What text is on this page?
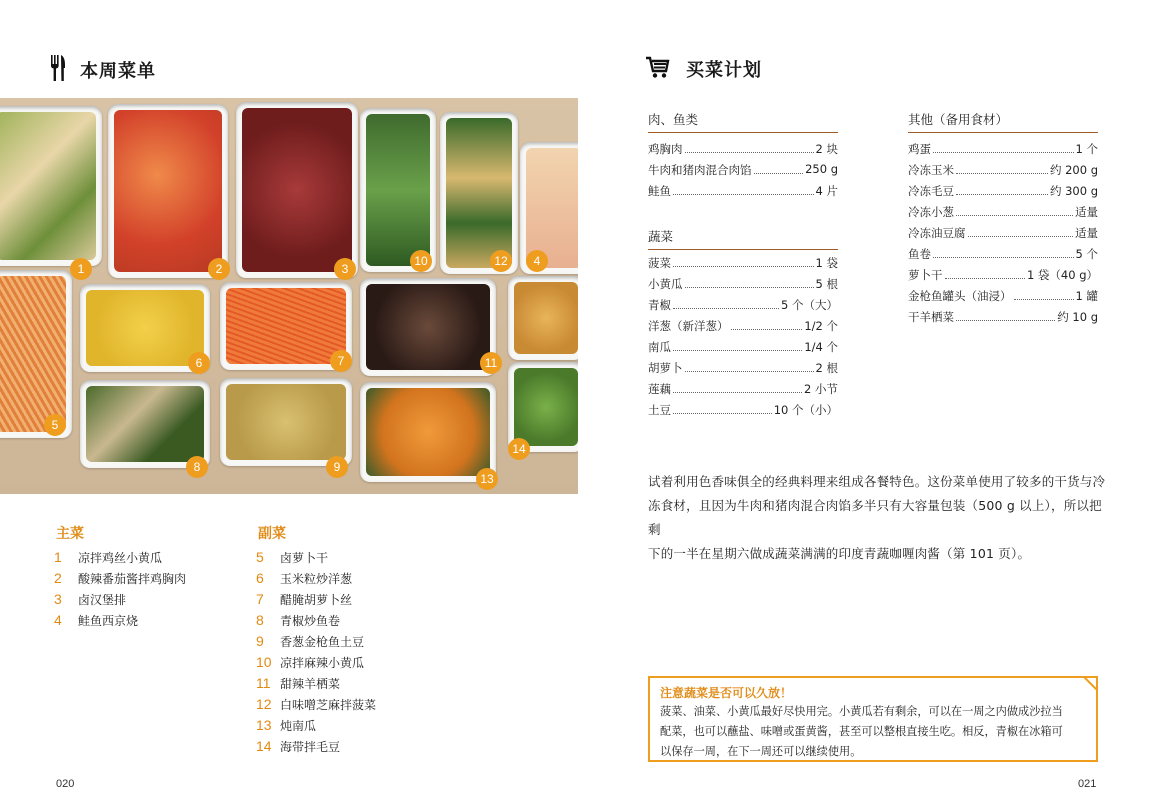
本周菜单
1	2	3
10	12	4
5
6	7	11
8	9
13
14
主菜
1 凉拌鸡丝小黄瓜
2 酸辣番茄酱拌鸡胸肉
3 卤汉堡排
4 鲑鱼西京烧
副菜
5 卤萝卜干
6 玉米粒炒洋葱
7 醋腌胡萝卜丝
8 青椒炒鱼卷
9 香葱金枪鱼土豆
10 凉拌麻辣小黄瓜
11 甜辣羊栖菜
12 白味噌芝麻拌菠菜
13 炖南瓜
14 海带拌毛豆
020
买菜计划
肉、鱼类
鸡胸肉	2 块
牛肉和猪肉混合肉馅	250 g
鲑鱼	4 片
蔬菜
菠菜	1 袋
小黄瓜	5 根
青椒	5 个（大）
洋葱（新洋葱）	1/2 个
南瓜	1/4 个
胡萝卜	2 根
莲藕	2 小节
土豆	10 个（小）
其他（备用食材）
鸡蛋	1 个
冷冻玉米	约 200 g
冷冻毛豆	约 300 g
冷冻小葱	适量
冷冻油豆腐	适量
鱼卷	5 个
萝卜干	1 袋（40 g）
金枪鱼罐头（油浸）	1 罐
干羊栖菜	约 10 g
试着利用色香味俱全的经典料理来组成各餐特色。这份菜单使用了较多的干货与冷
冻食材，且因为牛肉和猪肉混合肉馅多半只有大容量包装（500 g 以上），所以把剩
下的一半在星期六做成蔬菜满满的印度青蔬咖喱肉酱（第 101 页）。
注意蔬菜是否可以久放！
菠菜、油菜、小黄瓜最好尽快用完。小黄瓜若有剩余，可以在一周之内做成沙拉当
配菜，也可以蘸盐、味噌或蛋黄酱，甚至可以整根直接生吃。相反，青椒在冰箱可
以保存一周，在下一周还可以继续使用。
021
